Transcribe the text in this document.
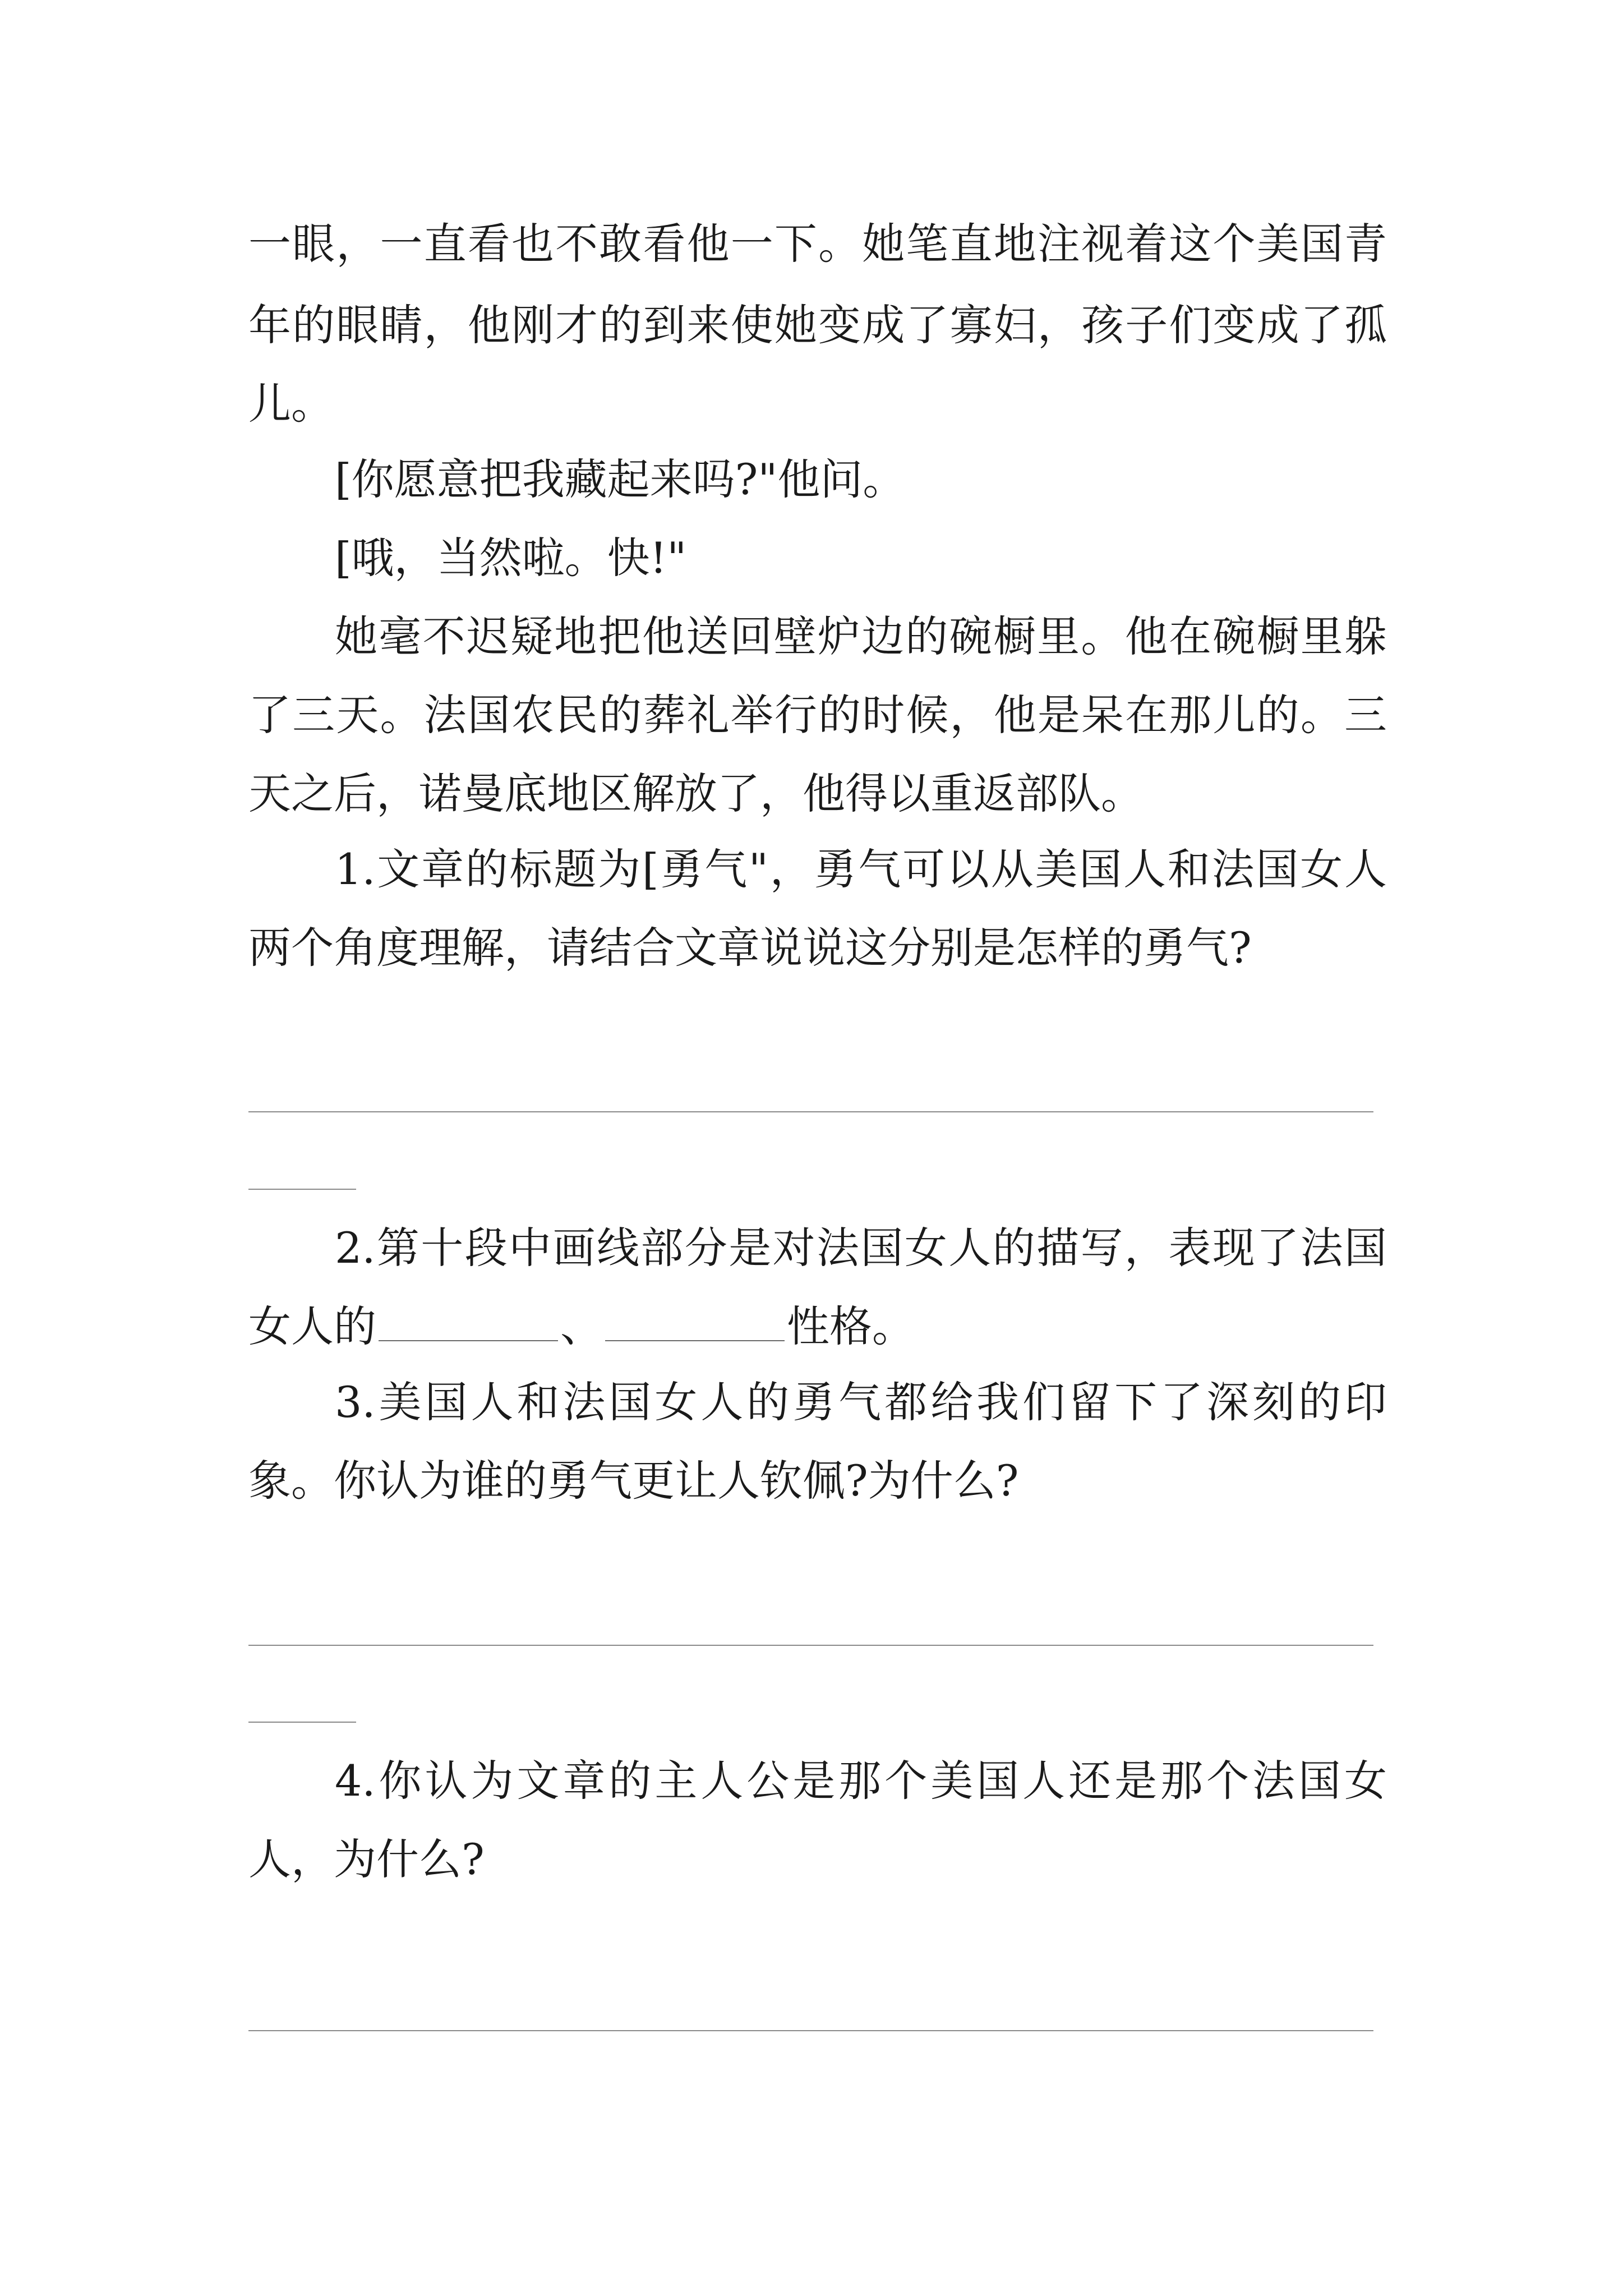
一眼，一直看也不敢看他一下。她笔直地注视着这个美国青
年的眼睛，他刚才的到来使她变成了寡妇，孩子们变成了孤
儿。
[你愿意把我藏起来吗?"他问。
[哦，当然啦。快!"
她毫不迟疑地把他送回壁炉边的碗橱里。他在碗橱里躲
了三天。法国农民的葬礼举行的时候，他是呆在那儿的。三
天之后，诺曼底地区解放了，他得以重返部队。
1.文章的标题为[勇气"，勇气可以从美国人和法国女人
两个角度理解，请结合文章说说这分别是怎样的勇气?
2.第十段中画线部分是对法国女人的描写，表现了法国
女人的	、	性格。
3.美国人和法国女人的勇气都给我们留下了深刻的印
象。你认为谁的勇气更让人钦佩?为什么?
4.你认为文章的主人公是那个美国人还是那个法国女
人，为什么?
